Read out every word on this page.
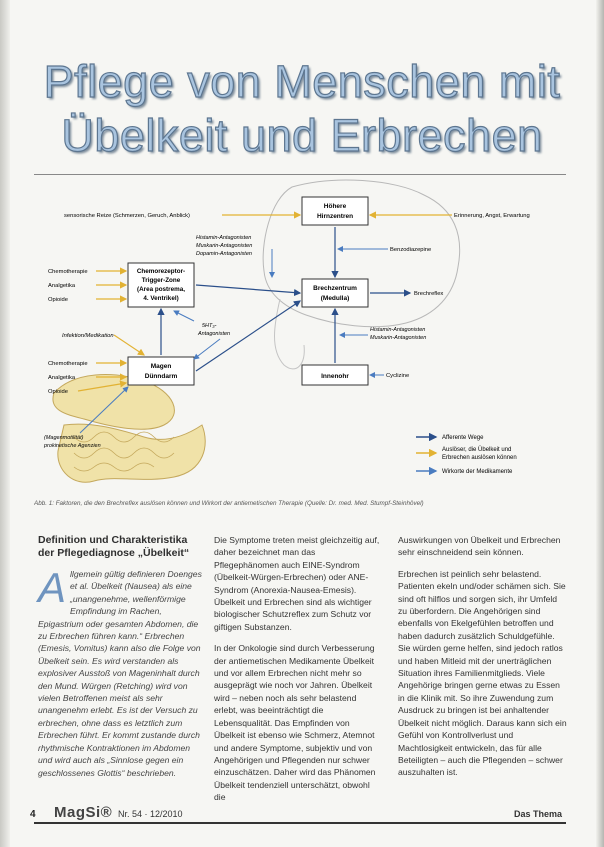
Pflege von Menschen mit
Übelkeit und Erbrechen
Höhere
Hirnzentren
Chemorezeptor-
Trigger-Zone
(Area postrema,
4. Ventrikel)
Brechzentrum
(Medulla)
Magen
Dünndarm	Innenohr
sensorische Reize (Schmerzen, Geruch, Anblick)	Erinnerung, Angst, Erwartung
Histamin-Antagonisten
Muskarin-Antagonisten
Dopamin-Antagonisten
Benzodiazepine
Chemotherapie
Analgetika
Opioide
Brechreflex
5HT₃-
Antagonisten
Histamin-Antagonisten
Muskarin-Antagonisten
Infektion/Medikation
Chemotherapie
Analgetika
Opioide
Cyclizine
(Magenmotilität)
prokinetische Agenzien
Afferente Wege
Auslöser, die Übelkeit und
Erbrechen auslösen können
Wirkorte der Medikamente
Abb. 1: Faktoren, die den Brechreflex auslösen können und Wirkort der antiemetischen Therapie (Quelle: Dr. med. Med. Stumpf-Steinhövel)
Definition und Charakteristika
der Pflegediagnose „Übelkeit“
Allgemein gültig definieren Doenges et al. Übelkeit (Nausea) als eine „unangenehme, wellenförmige Empfindung im Rachen, Epigastrium oder gesamten Abdomen, die zu Erbrechen führen kann.“ Erbrechen (Emesis, Vomitus) kann also die Folge von Übelkeit sein. Es wird verstanden als explosiver Ausstoß von Mageninhalt durch den Mund. Würgen (Retching) wird von vielen Betroffenen meist als sehr unangenehm erlebt. Es ist der Versuch zu erbrechen, ohne dass es letztlich zum Erbrechen führt. Er kommt zustande durch rhythmische Kontraktionen im Abdomen und wird auch als „Sinnlose gegen ein geschlossenes Glottis“ beschrieben.

Die Symptome treten meist gleichzeitig auf, daher bezeichnet man das Pflegephänomen auch EINE-Syndrom (Übelkeit-Würgen-Erbrechen) oder ANE-Syndrom (Anorexia-Nausea-Emesis). Übelkeit und Erbrechen sind als wichtiger biologischer Schutzreflex zum Schutz vor giftigen Substanzen.

In der Onkologie sind durch Verbesserung der antiemetischen Medikamente Übelkeit und vor allem Erbrechen nicht mehr so ausgeprägt wie noch vor Jahren. Übelkeit wird – neben noch als sehr belastend erlebt, was beeinträchtigt die Lebensqualität. Das Empfinden von Übelkeit ist ebenso wie Schmerz, Atemnot und andere Symptome, subjektiv und von Angehörigen und Pflegenden nur schwer einzuschätzen. Daher wird das Phänomen Übelkeit tendenziell unterschätzt, obwohl die

Auswirkungen von Übelkeit und Erbrechen sehr einschneidend sein können.

Erbrechen ist peinlich sehr belastend. Patienten ekeln und/oder schämen sich. Sie sind oft hilflos und sorgen sich, ihr Umfeld zu überfordern. Die Angehörigen sind ebenfalls von Ekelgefühlen betroffen und haben dadurch zusätzlich Schuldgefühle. Sie würden gerne helfen, sind jedoch ratlos und haben Mitleid mit der unerträglichen Situation ihres Familienmitglieds. Viele Angehörige bringen gerne etwas zu Essen in die Klinik mit. So ihre Zuwendung zum Ausdruck zu bringen ist bei anhaltender Übelkeit nicht möglich. Daraus kann sich ein Gefühl von Kontrollverlust und Machtlosigkeit entwickeln, das für alle Beteiligten – auch die Pflegenden – schwer auszuhalten ist.

4 MagSi® Nr. 54 · 12/2010	Das Thema
